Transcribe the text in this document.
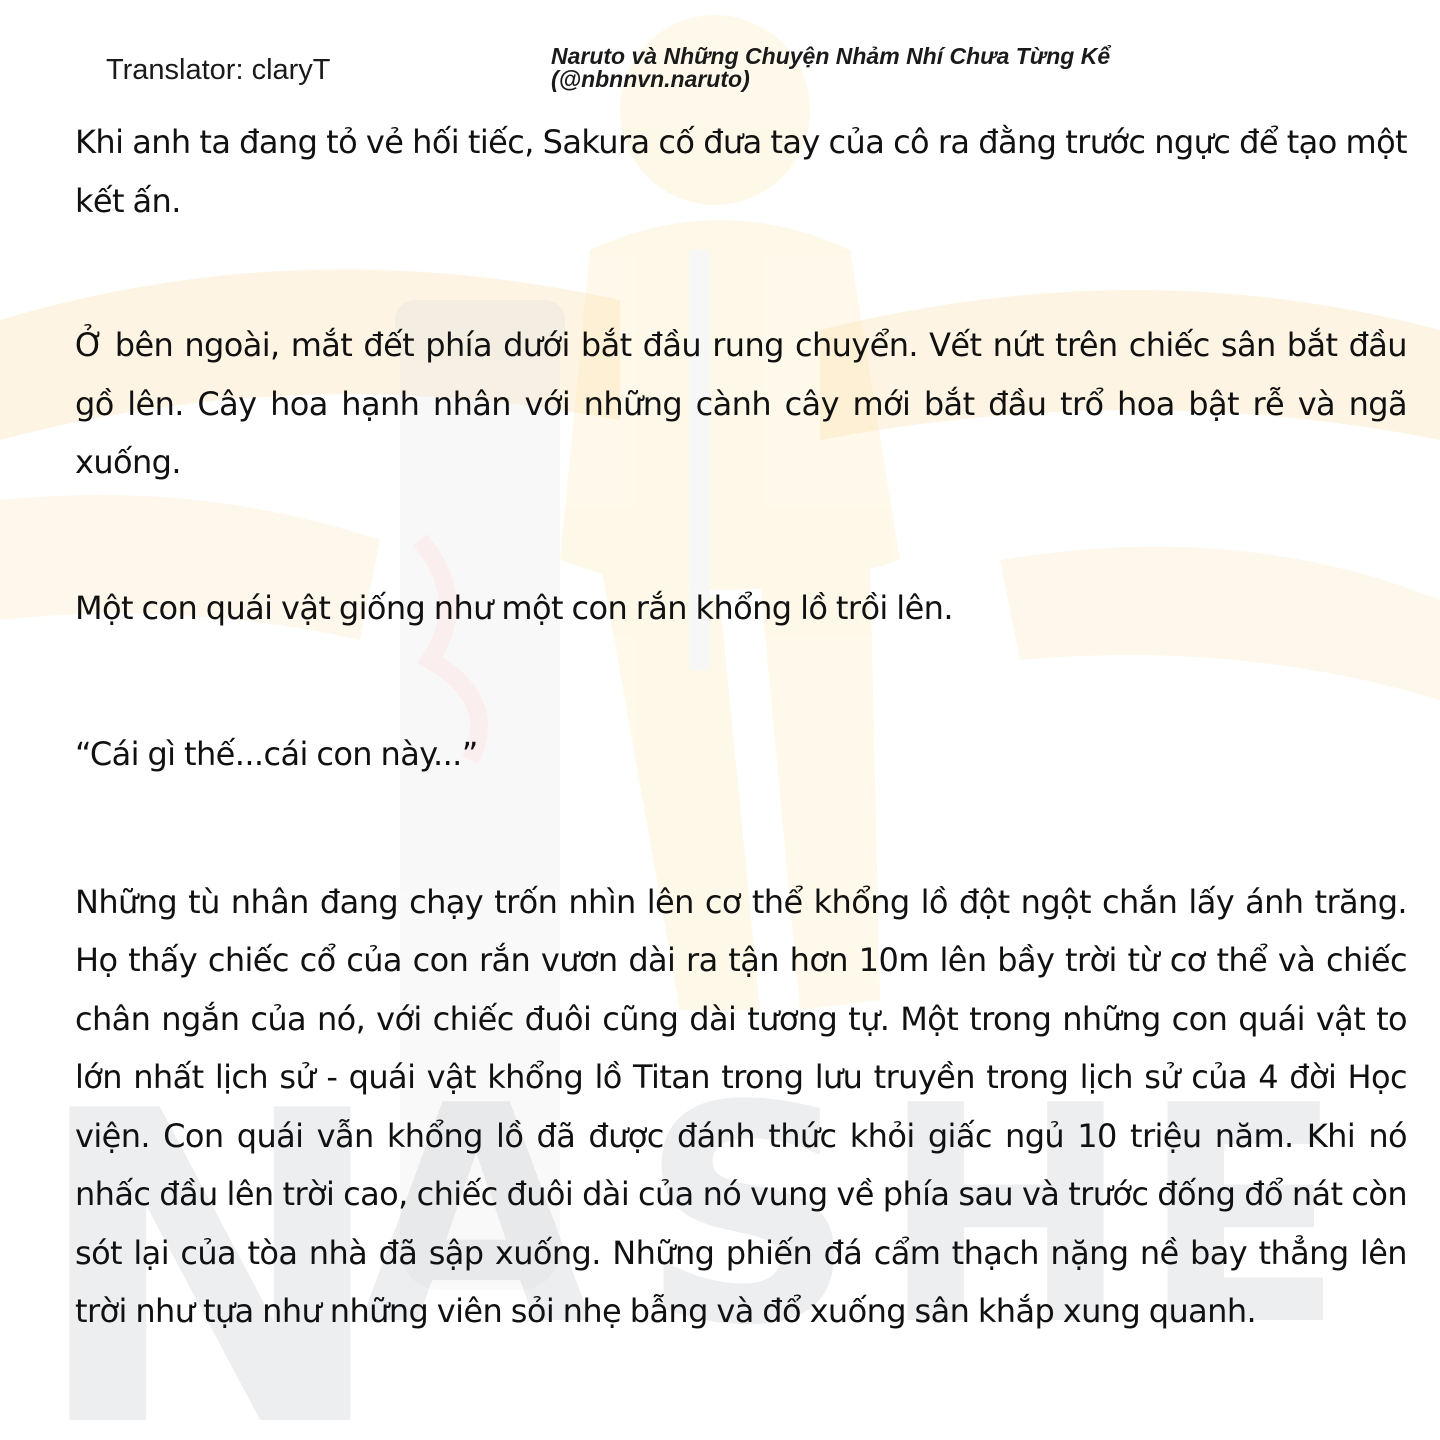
N
A S H E
Translator: claryT	Naruto và Những Chuyện Nhảm Nhí Chưa Từng Kể
(@nbnnvn.naruto)

Khi anh ta đang tỏ vẻ hối tiếc, Sakura cố đưa tay của cô ra đằng trước ngực để tạo một kết ấn.

Ở bên ngoài, mắt đết phía dưới bắt đầu rung chuyển. Vết nứt trên chiếc sân bắt đầu gồ lên. Cây hoa hạnh nhân với những cành cây mới bắt đầu trổ hoa bật rễ và ngã xuống.

Một con quái vật giống như một con rắn khổng lồ trồi lên.

“Cái gì thế...cái con này...”

Những tù nhân đang chạy trốn nhìn lên cơ thể khổng lồ đột ngột chắn lấy ánh trăng. Họ thấy chiếc cổ của con rắn vươn dài ra tận hơn 10m lên bầy trời từ cơ thể và chiếc chân ngắn của nó, với chiếc đuôi cũng dài tương tự. Một trong những con quái vật to lớn nhất lịch sử - quái vật khổng lồ Titan trong lưu truyền trong lịch sử của 4 đời Học viện. Con quái vẫn khổng lồ đã được đánh thức khỏi giấc ngủ 10 triệu năm. Khi nó nhấc đầu lên trời cao, chiếc đuôi dài của nó vung về phía sau và trước đống đổ nát còn sót lại của tòa nhà đã sập xuống. Những phiến đá cẩm thạch nặng nề bay thẳng lên trời như tựa như những viên sỏi nhẹ bẫng và đổ xuống sân khắp xung quanh.
